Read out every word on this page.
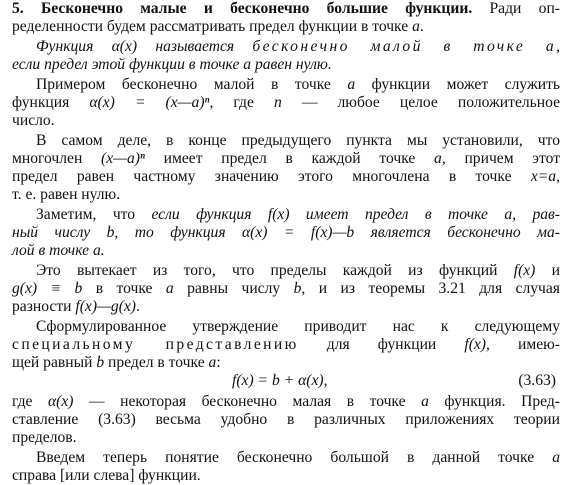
5. Бесконечно малые и бесконечно большие функции. Ради оп-
ределенности будем рассматривать предел функции в точке a.
Функция α(x) называется бесконечно малой в точке a,
если предел этой функции в точке a равен нулю.
Примером бесконечно малой в точке a функции может служить
функция α(x) = (x—a)ⁿ, где n — любое целое положительное
число.
В самом деле, в конце предыдущего пункта мы установили, что
многочлен (x—a)ⁿ имеет предел в каждой точке a, причем этот
предел равен частному значению этого многочлена в точке x=a,
т. е. равен нулю.
Заметим, что если функция f(x) имеет предел в точке a, рав-
ный числу b, то функция α(x) = f(x)—b является бесконечно ма-
лой в точке a.
Это вытекает из того, что пределы каждой из функций f(x) и
g(x) ≡ b в точке a равны числу b, и из теоремы 3.21 для случая
разности f(x)—g(x).
Сформулированное утверждение приводит нас к следующему
специальному представлению для функции f(x), имею-
щей равный b предел в точке a:
f(x) = b + α(x),	(3.63)
где α(x) — некоторая бесконечно малая в точке a функция. Пред-
ставление (3.63) весьма удобно в различных приложениях теории
пределов.
Введем теперь понятие бесконечно большой в данной точке a
справа [или слева] функции.
